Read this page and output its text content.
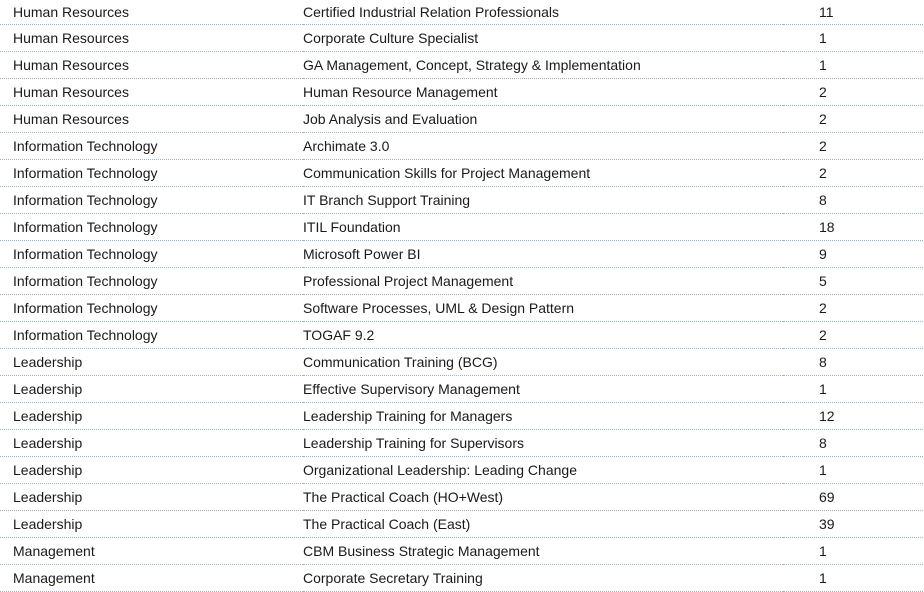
Human Resources	Certified Industrial Relation Professionals	11
Human Resources	Corporate Culture Specialist	1
Human Resources	GA Management, Concept, Strategy & Implementation	1
Human Resources	Human Resource Management	2
Human Resources	Job Analysis and Evaluation	2
Information Technology	Archimate 3.0	2
Information Technology	Communication Skills for Project Management	2
Information Technology	IT Branch Support Training	8
Information Technology	ITIL Foundation	18
Information Technology	Microsoft Power BI	9
Information Technology	Professional Project Management	5
Information Technology	Software Processes, UML & Design Pattern	2
Information Technology	TOGAF 9.2	2
Leadership	Communication Training (BCG)	8
Leadership	Effective Supervisory Management	1
Leadership	Leadership Training for Managers	12
Leadership	Leadership Training for Supervisors	8
Leadership	Organizational Leadership: Leading Change	1
Leadership	The Practical Coach (HO+West)	69
Leadership	The Practical Coach (East)	39
Management	CBM Business Strategic Management	1
Management	Corporate Secretary Training	1
